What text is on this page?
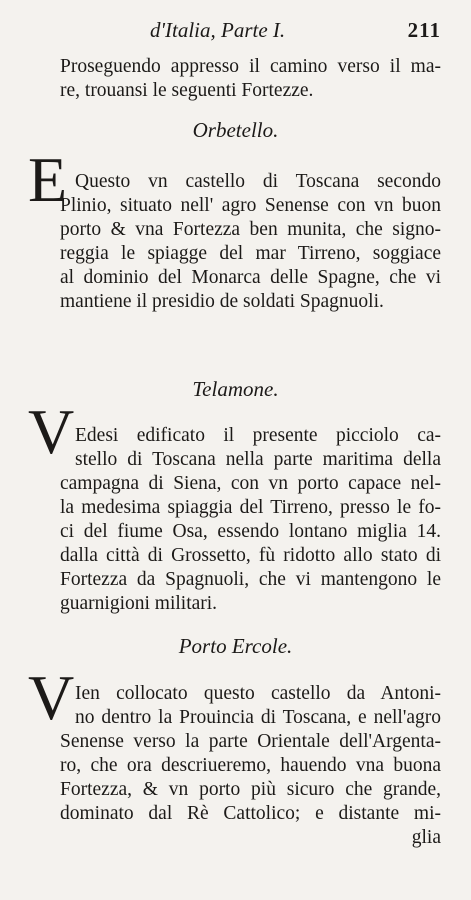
d'Italia, Parte I.	211
Proseguendo appresso il camino verso il ma-
re, trouansi le seguenti Fortezze.
Orbetello.
E Questo vn castello di Toscana secondo
Plinio, situato nell' agro Senense con vn buon
porto & vna Fortezza ben munita, che signo-
reggia le spiagge del mar Tirreno, soggiace
al dominio del Monarca delle Spagne, che vi
mantiene il presidio de soldati Spagnuoli.
Telamone.
V Edesi edificato il presente picciolo ca-
stello di Toscana nella parte maritima della
campagna di Siena, con vn porto capace nel-
la medesima spiaggia del Tirreno, presso le fo-
ci del fiume Osa, essendo lontano miglia 14.
dalla città di Grossetto, fù ridotto allo stato di
Fortezza da Spagnuoli, che vi mantengono le
guarnigioni militari.
Porto Ercole.
V Ien collocato questo castello da Antoni-
no dentro la Prouincia di Toscana, e nell'agro
Senense verso la parte Orientale dell'Argenta-
ro, che ora descriueremo, hauendo vna buona
Fortezza, & vn porto più sicuro che grande,
dominato dal Rè Cattolico; e distante mi-
glia
